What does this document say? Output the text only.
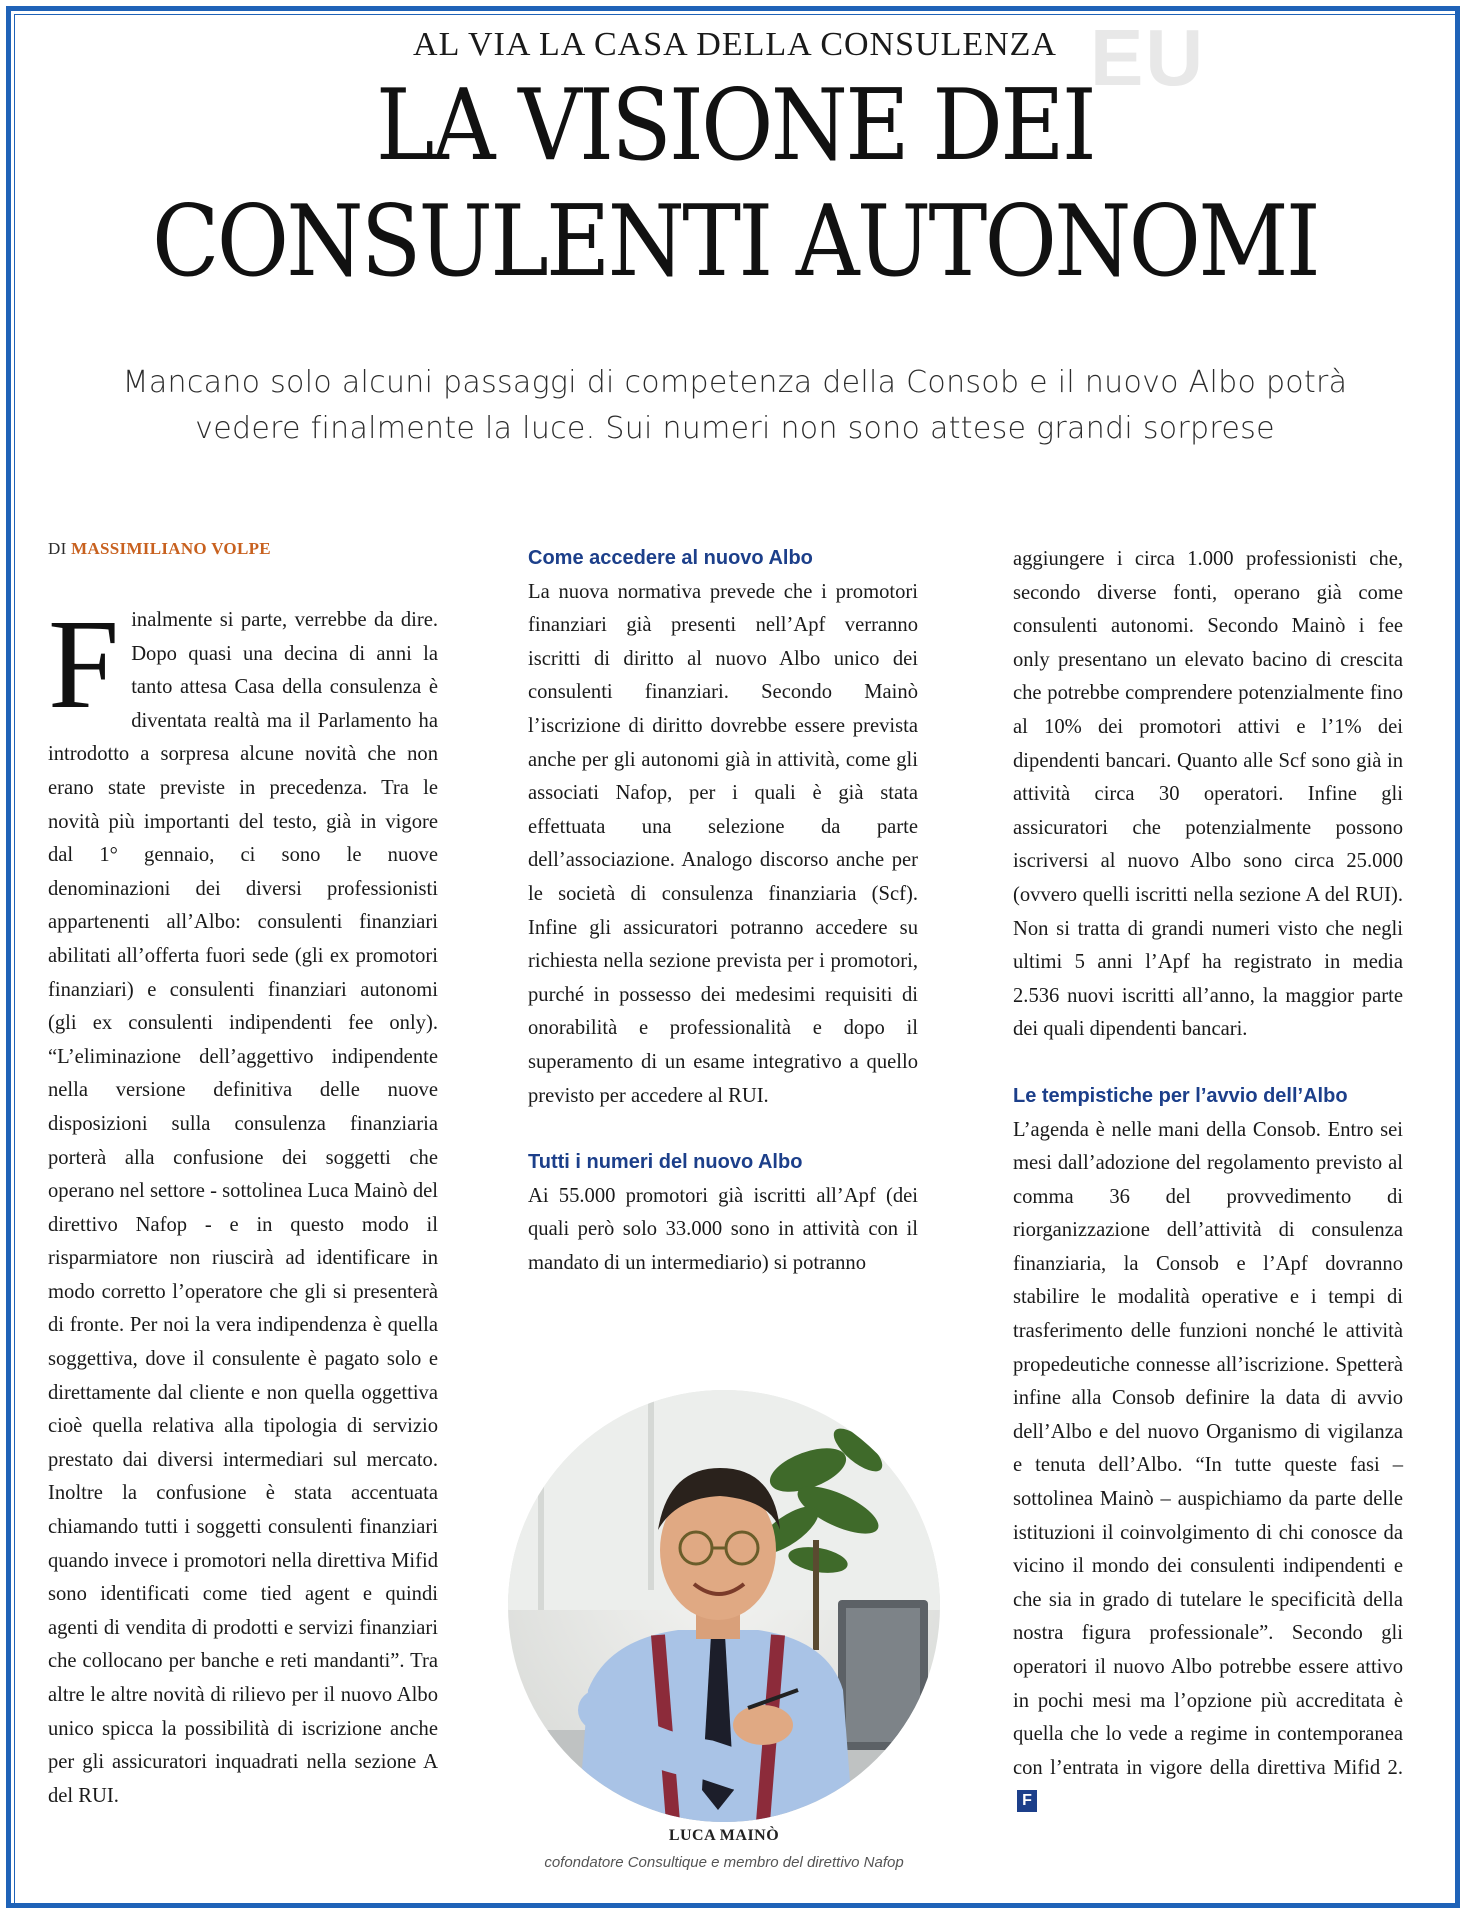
EU
AL VIA LA CASA DELLA CONSULENZA
LA VISIONE DEI
CONSULENTI AUTONOMI
Mancano solo alcuni passaggi di competenza della Consob e il nuovo Albo potrà
vedere finalmente la luce. Sui numeri non sono attese grandi sorprese
DI MASSIMILIANO VOLPE
F inalmente si parte, verrebbe da dire. Dopo quasi una decina di anni la tanto attesa Casa della consulenza è diventata realtà ma il Parlamento ha introdotto a sorpresa alcune novità che non erano state previste in precedenza. Tra le novità più importanti del testo, già in vigore dal 1° gennaio, ci sono le nuove denominazioni dei diversi professionisti appartenenti all’Albo: consulenti finanziari abilitati all’offerta fuori sede (gli ex promotori finanziari) e consulenti finanziari autonomi (gli ex consulenti indipendenti fee only). “L’eliminazione dell’aggettivo indipendente nella versione definitiva delle nuove disposizioni sulla consulenza finanziaria porterà alla confusione dei soggetti che operano nel settore - sottolinea Luca Mainò del direttivo Nafop - e in questo modo il risparmiatore non riuscirà ad identificare in modo corretto l’operatore che gli si presenterà di fronte. Per noi la vera indipendenza è quella soggettiva, dove il consulente è pagato solo e direttamente dal cliente e non quella oggettiva cioè quella relativa alla tipologia di servizio prestato dai diversi intermediari sul mercato. Inoltre la confusione è stata accentuata chiamando tutti i soggetti consulenti finanziari quando invece i promotori nella direttiva Mifid sono identificati come tied agent e quindi agenti di vendita di prodotti e servizi finanziari che collocano per banche e reti mandanti”. Tra altre le altre novità di rilievo per il nuovo Albo unico spicca la possibilità di iscrizione anche per gli assicuratori inquadrati nella sezione A del RUI.

Come accedere al nuovo Albo

La nuova normativa prevede che i promotori finanziari già presenti nell’Apf verranno iscritti di diritto al nuovo Albo unico dei consulenti finanziari. Secondo Mainò l’iscrizione di diritto dovrebbe essere prevista anche per gli autonomi già in attività, come gli associati Nafop, per i quali è già stata effettuata una selezione da parte dell’associazione. Analogo discorso anche per le società di consulenza finanziaria (Scf). Infine gli assicuratori potranno accedere su richiesta nella sezione prevista per i promotori, purché in possesso dei medesimi requisiti di onorabilità e professionalità e dopo il superamento di un esame integrativo a quello previsto per accedere al RUI.

Tutti i numeri del nuovo Albo

Ai 55.000 promotori già iscritti all’Apf (dei quali però solo 33.000 sono in attività con il mandato di un intermediario) si potranno

LUCA MAINÒ
cofondatore Consultique e membro del direttivo Nafop

aggiungere i circa 1.000 professionisti che, secondo diverse fonti, operano già come consulenti autonomi. Secondo Mainò i fee only presentano un elevato bacino di crescita che potrebbe comprendere potenzialmente fino al 10% dei promotori attivi e l’1% dei dipendenti bancari. Quanto alle Scf sono già in attività circa 30 operatori. Infine gli assicuratori che potenzialmente possono iscriversi al nuovo Albo sono circa 25.000 (ovvero quelli iscritti nella sezione A del RUI). Non si tratta di grandi numeri visto che negli ultimi 5 anni l’Apf ha registrato in media 2.536 nuovi iscritti all’anno, la maggior parte dei quali dipendenti bancari.

Le tempistiche per l’avvio dell’Albo

L’agenda è nelle mani della Consob. Entro sei mesi dall’adozione del regolamento previsto al comma 36 del provvedimento di riorganizzazione dell’attività di consulenza finanziaria, la Consob e l’Apf dovranno stabilire le modalità operative e i tempi di trasferimento delle funzioni nonché le attività propedeutiche connesse all’iscrizione. Spetterà infine alla Consob definire la data di avvio dell’Albo e del nuovo Organismo di vigilanza e tenuta dell’Albo. “In tutte queste fasi – sottolinea Mainò – auspichiamo da parte delle istituzioni il coinvolgimento di chi conosce da vicino il mondo dei consulenti indipendenti e che sia in grado di tutelare le specificità della nostra figura professionale”. Secondo gli operatori il nuovo Albo potrebbe essere attivo in pochi mesi ma l’opzione più accreditata è quella che lo vede a regime in contemporanea con l’entrata in vigore della direttiva Mifid 2. F
